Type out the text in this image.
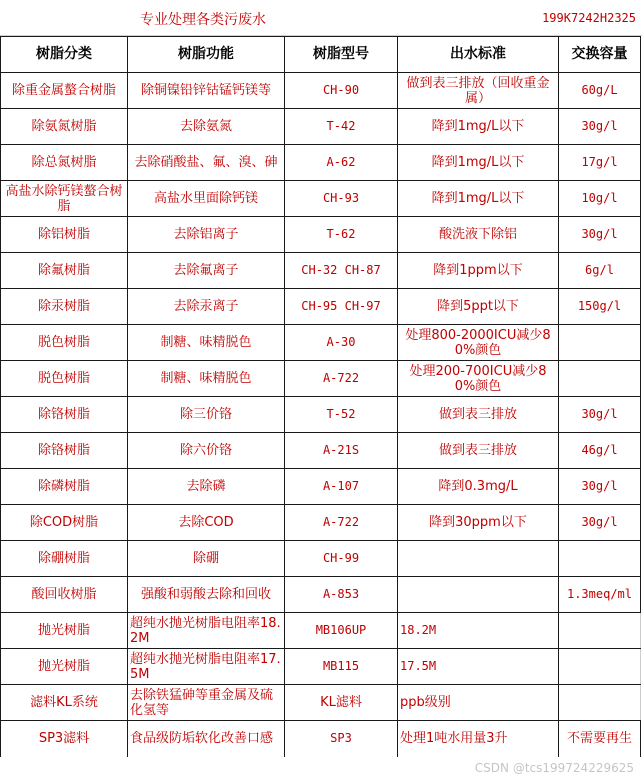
专业处理各类污废水	199K7242H2325
树脂分类	树脂功能	树脂型号	出水标准	交换容量
除重金属螯合树脂	除铜镍铅锌钴锰钙镁等	CH-90	做到表三排放（回收重金属）	60g/L
除氨氮树脂	去除氨氮	T-42	降到1mg/L以下	30g/l
除总氮树脂	去除硝酸盐、氟、溴、砷	A-62	降到1mg/L以下	17g/l
高盐水除钙镁螯合树脂	高盐水里面除钙镁	CH-93	降到1mg/L以下	10g/l
除铝树脂	去除铝离子	T-62	酸洗液下除铝	30g/l
除氟树脂	去除氟离子	CH-32 CH-87	降到1ppm以下	6g/l
除汞树脂	去除汞离子	CH-95 CH-97	降到5ppt以下	150g/l
脱色树脂	制糖、味精脱色	A-30	处理800-2000ICU减少80%颜色	
脱色树脂	制糖、味精脱色	A-722	处理200-700ICU减少80%颜色	
除铬树脂	除三价铬	T-52	做到表三排放	30g/l
除铬树脂	除六价铬	A-21S	做到表三排放	46g/l
除磷树脂	去除磷	A-107	降到0.3mg/L	30g/l
除COD树脂	去除COD	A-722	降到30ppm以下	30g/l
除硼树脂	除硼	CH-99		
酸回收树脂	强酸和弱酸去除和回收	A-853		1.3meq/ml
抛光树脂	超纯水抛光树脂电阻率18.2M	MB106UP	18.2M	
抛光树脂	超纯水抛光树脂电阻率17.5M	MB115	17.5M	
滤料KL系统	去除铁猛砷等重金属及硫化氢等	KL滤料	ppb级别	
SP3滤料	食品级防垢软化改善口感	SP3	处理1吨水用量3升	不需要再生
CSDN @tcs199724229625
